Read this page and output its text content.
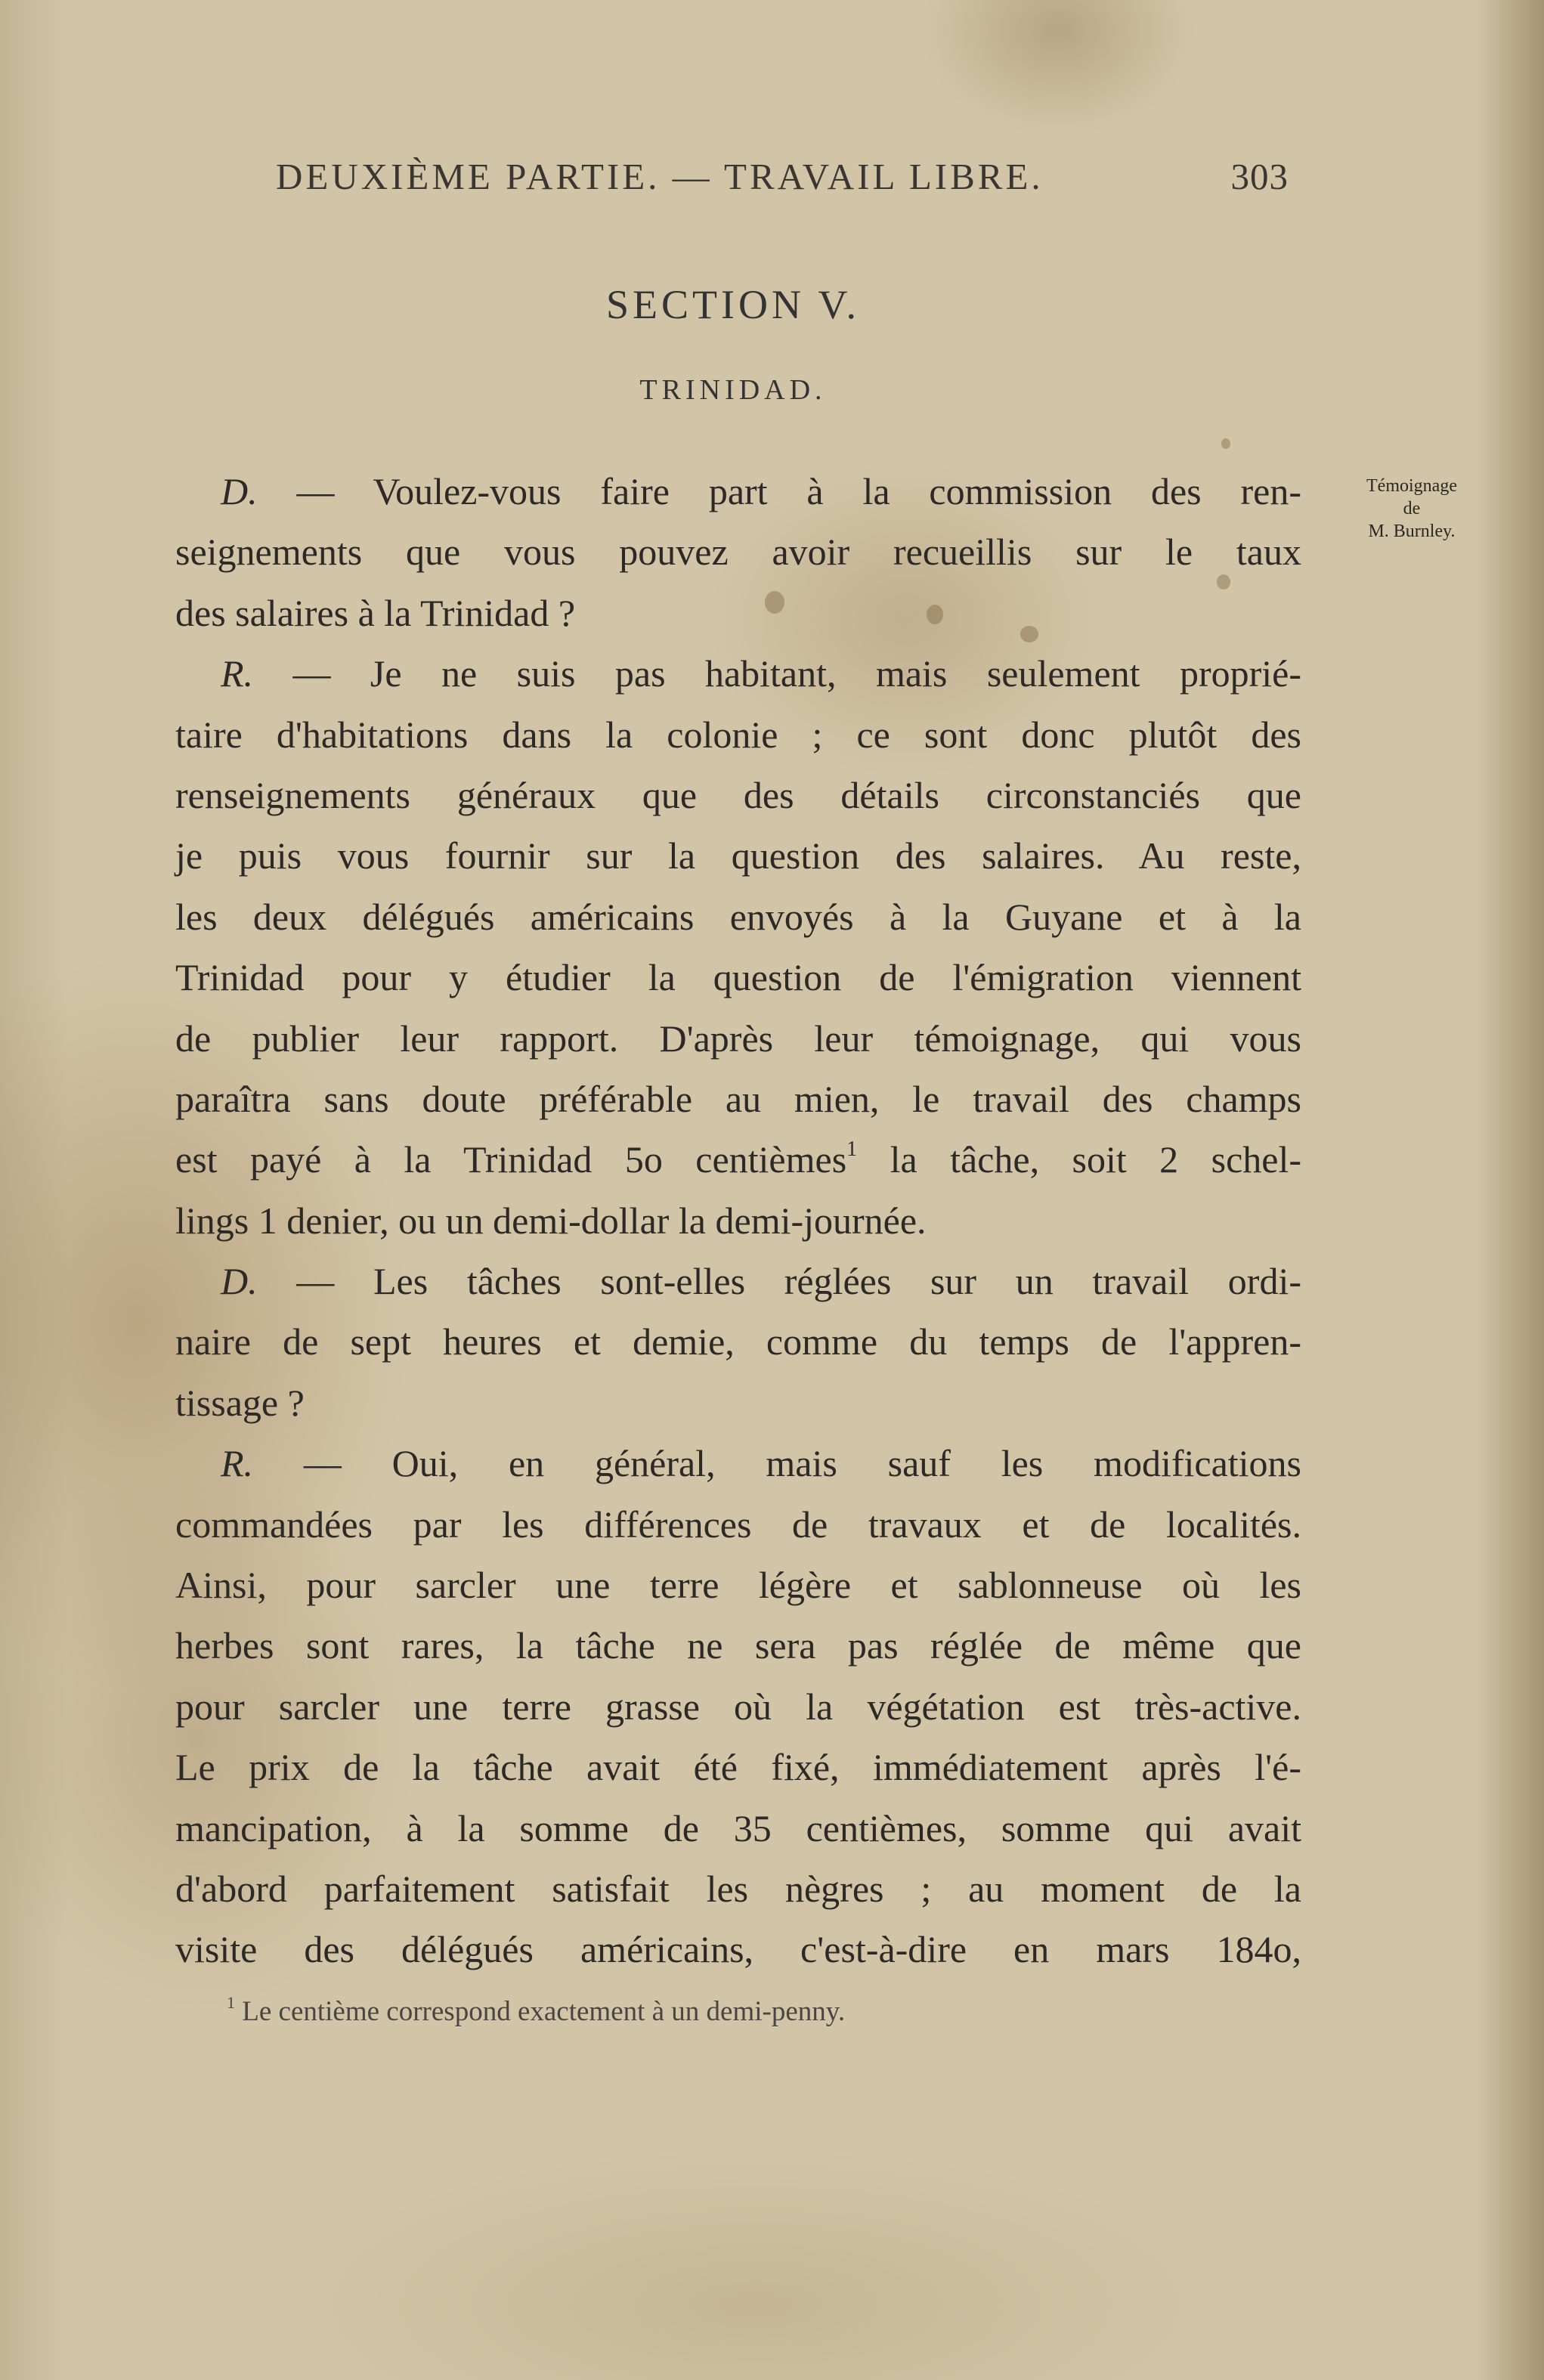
DEUXIÈME PARTIE. — TRAVAIL LIBRE.	303
SECTION V.
TRINIDAD.
Témoignage
de
M. Burnley.
D. — Voulez-vous faire part à la commission des ren-
seignements que vous pouvez avoir recueillis sur le taux
des salaires à la Trinidad ?
R. — Je ne suis pas habitant, mais seulement proprié-
taire d'habitations dans la colonie ; ce sont donc plutôt des
renseignements généraux que des détails circonstanciés que
je puis vous fournir sur la question des salaires. Au reste,
les deux délégués américains envoyés à la Guyane et à la
Trinidad pour y étudier la question de l'émigration viennent
de publier leur rapport. D'après leur témoignage, qui vous
paraîtra sans doute préférable au mien, le travail des champs
est payé à la Trinidad 5o centièmes$^1$ la tâche, soit 2 schel-
lings 1 denier, ou un demi-dollar la demi-journée.
D. — Les tâches sont-elles réglées sur un travail ordi-
naire de sept heures et demie, comme du temps de l'appren-
tissage ?
R. — Oui, en général, mais sauf les modifications
commandées par les différences de travaux et de localités.
Ainsi, pour sarcler une terre légère et sablonneuse où les
herbes sont rares, la tâche ne sera pas réglée de même que
pour sarcler une terre grasse où la végétation est très-active.
Le prix de la tâche avait été fixé, immédiatement après l'é-
mancipation, à la somme de 35 centièmes, somme qui avait
d'abord parfaitement satisfait les nègres ; au moment de la
visite des délégués américains, c'est-à-dire en mars 184o,
$^1$ Le centième correspond exactement à un demi-penny.
